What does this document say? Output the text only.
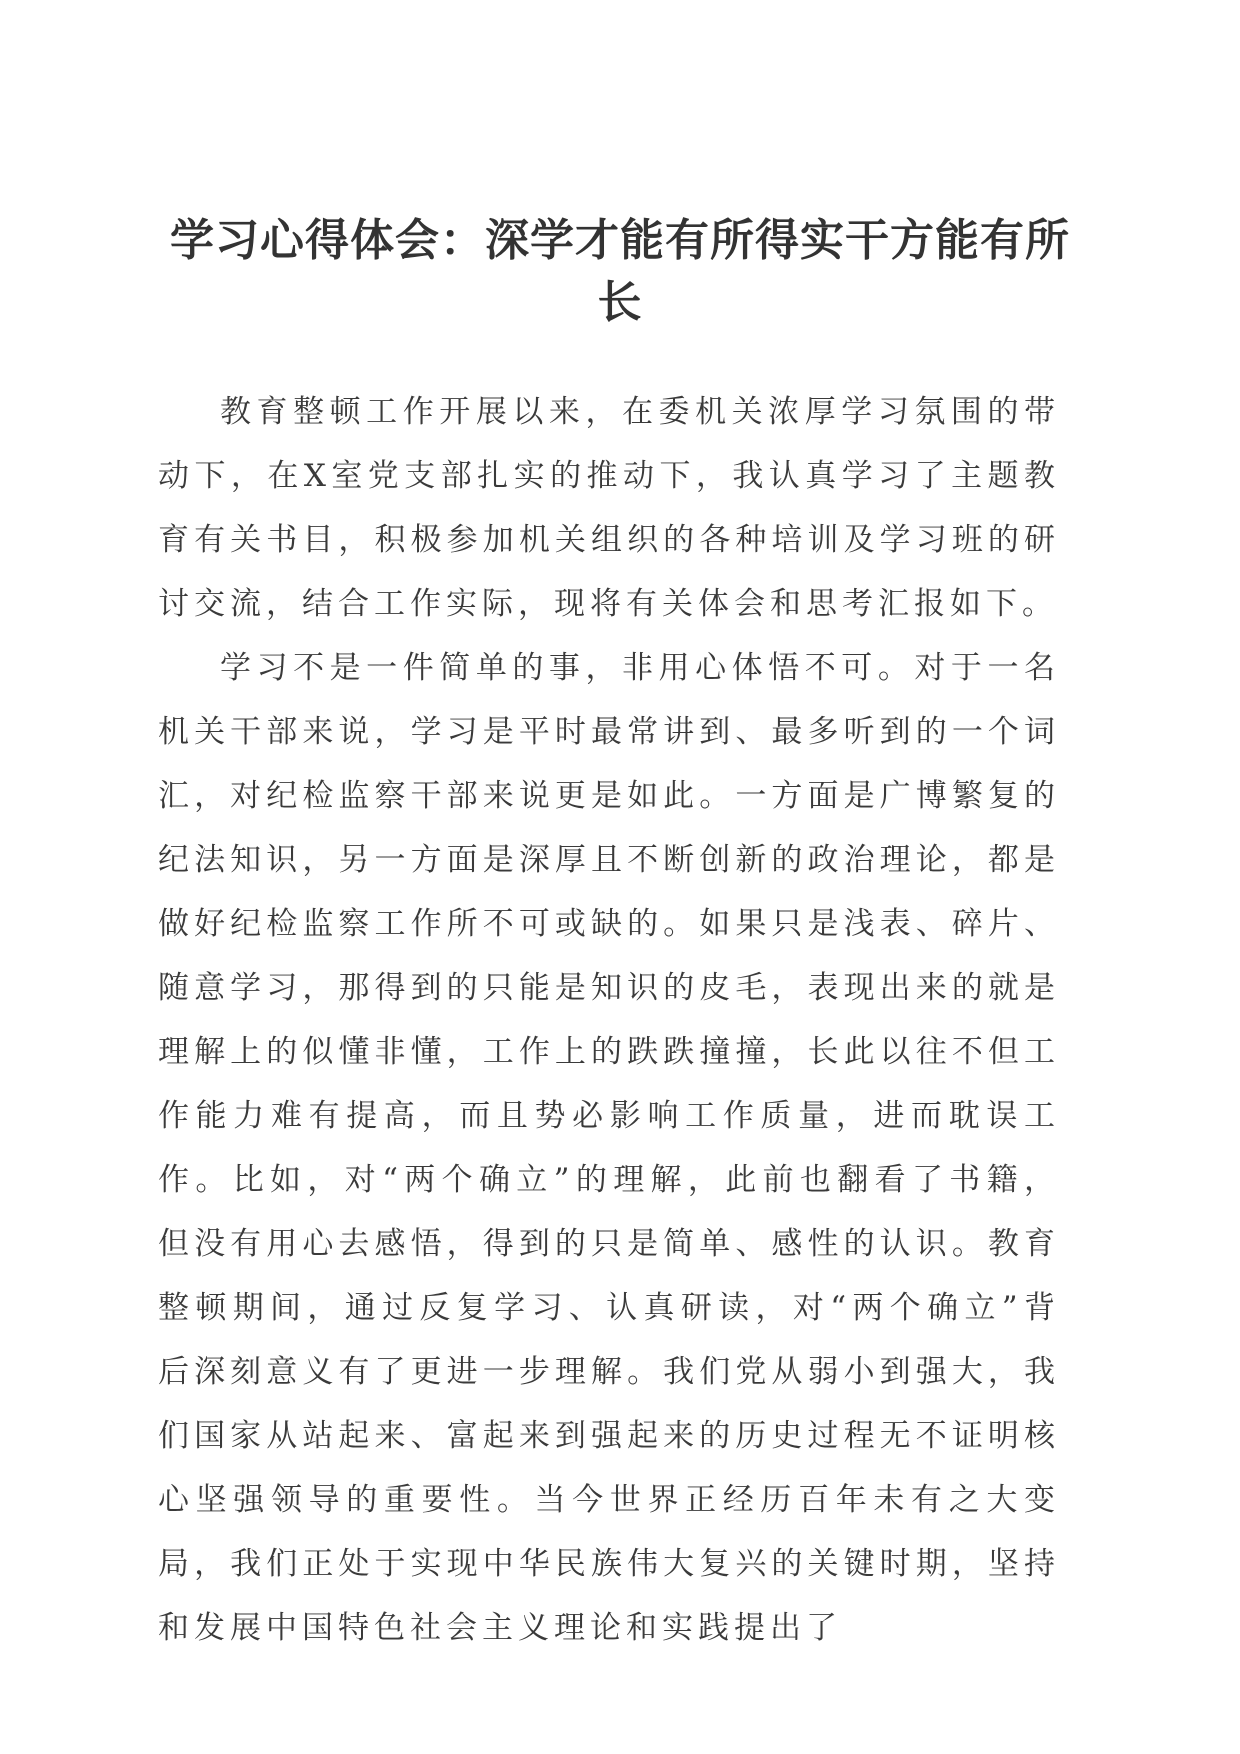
学习心得体会：深学才能有所得实干方能有所长

教育整顿工作开展以来，在委机关浓厚学习氛围的带动下，在X室党支部扎实的推动下，我认真学习了主题教育有关书目，积极参加机关组织的各种培训及学习班的研讨交流，结合工作实际，现将有关体会和思考汇报如下。

学习不是一件简单的事，非用心体悟不可。对于一名机关干部来说，学习是平时最常讲到、最多听到的一个词汇，对纪检监察干部来说更是如此。一方面是广博繁复的纪法知识，另一方面是深厚且不断创新的政治理论，都是做好纪检监察工作所不可或缺的。如果只是浅表、碎片、随意学习，那得到的只能是知识的皮毛，表现出来的就是理解上的似懂非懂，工作上的跌跌撞撞，长此以往不但工作能力难有提高，而且势必影响工作质量，进而耽误工作。比如，对“两个确立”的理解，此前也翻看了书籍，但没有用心去感悟，得到的只是简单、感性的认识。教育整顿期间，通过反复学习、认真研读，对“两个确立”背后深刻意义有了更进一步理解。我们党从弱小到强大，我们国家从站起来、富起来到强起来的历史过程无不证明核心坚强领导的重要性。当今世界正经历百年未有之大变局，我们正处于实现中华民族伟大复兴的关键时期，坚持和发展中国特色社会主义理论和实践提出了
